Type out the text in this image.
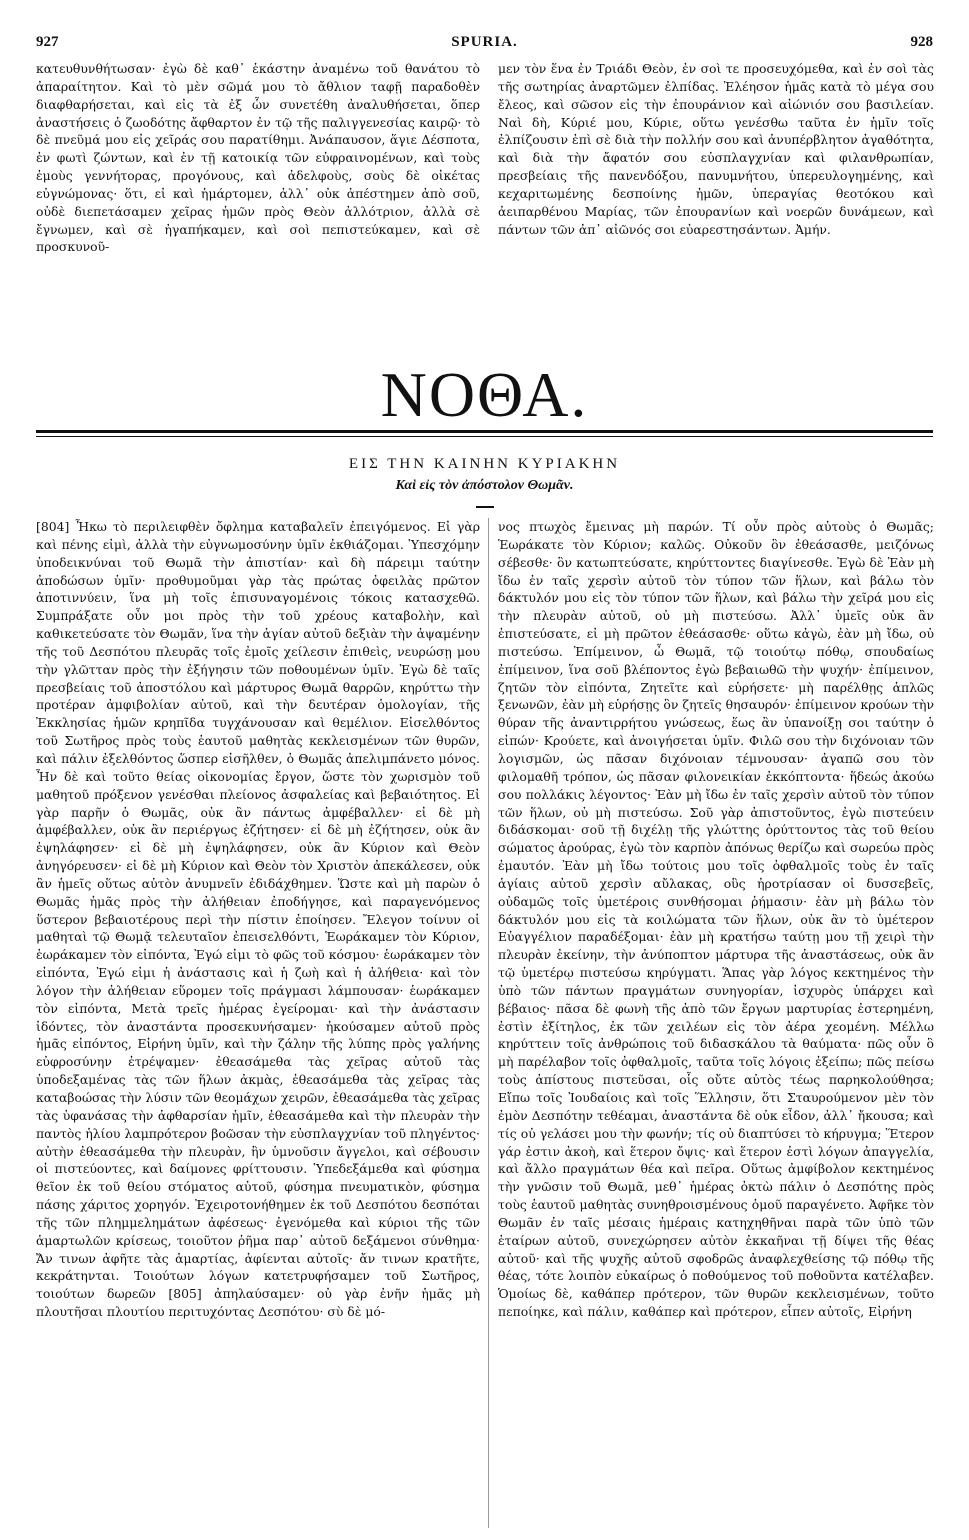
927	SPURIA.	928

κατευθυνθήτωσαν· ἐγὼ δὲ καθ᾽ ἑκάστην ἀναμένω τοῦ θανάτου τὸ ἀπαραίτητον. Καὶ τὸ μὲν σῶμά μου τὸ ἄθλιον ταφῇ παραδοθὲν διαφθαρήσεται, καὶ εἰς τὰ ἐξ ὧν συνετέθη ἀναλυθήσεται, ὅπερ ἀναστήσεις ὁ ζωοδότης ἄφθαρτον ἐν τῷ τῆς παλιγγενεσίας καιρῷ· τὸ δὲ πνεῦμά μου εἰς χεῖράς σου παρατίθημι. Ἀνάπαυσον, ἅγιε Δέσποτα, ἐν φωτὶ ζώντων, καὶ ἐν τῇ κατοικίᾳ τῶν εὐφραινομένων, καὶ τοὺς ἐμοὺς γεννήτορας, προγόνους, καὶ ἀδελφοὺς, σοὺς δὲ οἰκέτας εὐγνώμονας· ὅτι, εἰ καὶ ἡμάρτομεν, ἀλλ᾽ οὐκ ἀπέστημεν ἀπὸ σοῦ, οὐδὲ διεπετάσαμεν χεῖρας ἡμῶν πρὸς Θεὸν ἀλλότριον, ἀλλὰ σὲ ἔγνωμεν, καὶ σὲ ἠγαπήκαμεν, καὶ σοὶ πεπιστεύκαμεν, καὶ σὲ προσκυνοῦ-

μεν τὸν ἕνα ἐν Τριάδι Θεὸν, ἐν σοὶ τε προσευχόμεθα, καὶ ἐν σοὶ τὰς τῆς σωτηρίας ἀναρτῶμεν ἐλπίδας. Ἐλέησον ἡμᾶς κατὰ τὸ μέγα σου ἔλεος, καὶ σῶσον εἰς τὴν ἐπουράνιον καὶ αἰώνιόν σου βασιλείαν. Ναὶ δὴ, Κύριέ μου, Κύριε, οὕτω γενέσθω ταῦτα ἐν ἡμῖν τοῖς ἐλπίζουσιν ἐπὶ σὲ διὰ τὴν πολλήν σου καὶ ἀνυπέρβλητον ἀγαθότητα, καὶ διὰ τὴν ἄφατόν σου εὐσπλαγχνίαν καὶ φιλανθρωπίαν, πρεσβείαις τῆς πανενδόξου, πανυμνήτου, ὑπερευλογημένης, καὶ κεχαριτωμένης δεσποίνης ἡμῶν, ὑπεραγίας θεοτόκου καὶ ἀειπαρθένου Μαρίας, τῶν ἐπουρανίων καὶ νοερῶν δυνάμεων, καὶ πάντων τῶν ἀπ᾽ αἰῶνός σοι εὐαρεστησάντων. Ἀμήν.

ΝΟΘΑ.
ΕΙΣ ΤΗΝ ΚΑΙΝΗΝ ΚΥΡΙΑΚΗΝ
Καὶ εἰς τὸν ἀπόστολον Θωμᾶν.

[804] Ἦκω τὸ περιλειφθὲν ὄφλημα καταβαλεῖν ἐπειγόμενος. Εἰ γὰρ καὶ πένης εἰμὶ, ἀλλὰ τὴν εὐγνωμοσύνην ὑμῖν ἐκθιάζομαι. Ὑπεσχόμην ὑποδεικνύναι τοῦ Θωμᾶ τὴν ἀπιστίαν· καὶ δὴ πάρειμι ταύτην ἀποδώσων ὑμῖν· προθυμοῦμαι γὰρ τὰς πρώτας ὀφειλὰς πρῶτον ἀποτιννύειν, ἵνα μὴ τοῖς ἐπισυναγομένοις τόκοις κατασχεθῶ. Συμπράξατε οὖν μοι πρὸς τὴν τοῦ χρέους καταβολὴν, καὶ καθικετεύσατε τὸν Θωμᾶν, ἵνα τὴν ἁγίαν αὐτοῦ δεξιὰν τὴν ἀψαμένην τῆς τοῦ Δεσπότου πλευρᾶς τοῖς ἐμοῖς χείλεσιν ἐπιθεὶς, νευρώσῃ μου τὴν γλῶτταν πρὸς τὴν ἐξήγησιν τῶν ποθουμένων ὑμῖν. Ἐγὼ δὲ ταῖς πρεσβείαις τοῦ ἀποστόλου καὶ μάρτυρος Θωμᾶ θαρρῶν, κηρύττω τὴν προτέραν ἀμφιβολίαν αὐτοῦ, καὶ τὴν δευτέραν ὁμολογίαν, τῆς Ἐκκλησίας ἡμῶν κρηπῖδα τυγχάνουσαν καὶ θεμέλιον. Εἰσελθόντος τοῦ Σωτῆρος πρὸς τοὺς ἑαυτοῦ μαθητὰς κεκλεισμένων τῶν θυρῶν, καὶ πάλιν ἐξελθόντος ὥσπερ εἰσῆλθεν, ὁ Θωμᾶς ἀπελιμπάνετο μόνος. Ἦν δὲ καὶ τοῦτο θείας οἰκονομίας ἔργον, ὥστε τὸν χωρισμὸν τοῦ μαθητοῦ πρόξενον γενέσθαι πλείονος ἀσφαλείας καὶ βεβαιότητος. Εἰ γὰρ παρῆν ὁ Θωμᾶς, οὐκ ἂν πάντως ἀμφέβαλλεν· εἰ δὲ μὴ ἀμφέβαλλεν, οὐκ ἂν περιέργως ἐζήτησεν· εἰ δὲ μὴ ἐζήτησεν, οὐκ ἂν ἐψηλάφησεν· εἰ δὲ μὴ ἐψηλάφησεν, οὐκ ἂν Κύριον καὶ Θεὸν ἀνηγόρευσεν· εἰ δὲ μὴ Κύριον καὶ Θεὸν τὸν Χριστὸν ἀπεκάλεσεν, οὐκ ἂν ἡμεῖς οὕτως αὐτὸν ἀνυμνεῖν ἐδιδάχθημεν. Ὥστε καὶ μὴ παρὼν ὁ Θωμᾶς ἡμᾶς πρὸς τὴν ἀλήθειαν ἐποδήγησε, καὶ παραγενόμενος ὕστερον βεβαιοτέρους περὶ τὴν πίστιν ἐποίησεν. Ἔλεγον τοίνυν οἱ μαθηταὶ τῷ Θωμᾷ τελευταῖον ἐπεισελθόντι, Ἑωράκαμεν τὸν Κύριον, ἑωράκαμεν τὸν εἰπόντα, Ἐγώ εἰμι τὸ φῶς τοῦ κόσμου· ἑωράκαμεν τὸν εἰπόντα, Ἐγώ εἰμι ἡ ἀνάστασις καὶ ἡ ζωὴ καὶ ἡ ἀλήθεια· καὶ τὸν λόγον τὴν ἀλήθειαν εὕρομεν τοῖς πράγμασι λάμπουσαν· ἑωράκαμεν τὸν εἰπόντα, Μετὰ τρεῖς ἡμέρας ἐγείρομαι· καὶ τὴν ἀνάστασιν ἰδόντες, τὸν ἀναστάντα προσεκυνήσαμεν· ἠκούσαμεν αὐτοῦ πρὸς ἡμᾶς εἰπόντος, Εἰρήνη ὑμῖν, καὶ τὴν ζάλην τῆς λύπης πρὸς γαλήνης εὐφροσύνην ἐτρέψαμεν· ἐθεασάμεθα τὰς χεῖρας αὐτοῦ τὰς ὑποδεξαμένας τὰς τῶν ἥλων ἀκμὰς, ἐθεασάμεθα τὰς χεῖρας τὰς καταβοώσας τὴν λύσιν τῶν θεομάχων χειρῶν, ἐθεασάμεθα τὰς χεῖρας τὰς ὑφανάσας τὴν ἀφθαρσίαν ἡμῖν, ἐθεασάμεθα καὶ τὴν πλευρὰν τὴν παντὸς ἡλίου λαμπρότερον βοῶσαν τὴν εὐσπλαγχνίαν τοῦ πληγέντος· αὐτὴν ἐθεασάμεθα τὴν πλευρὰν, ἣν ὑμνοῦσιν ἄγγελοι, καὶ σέβουσιν οἱ πιστεύοντες, καὶ δαίμονες φρίττουσιν. Ὑπεδεξάμεθα καὶ φύσημα θεῖον ἐκ τοῦ θείου στόματος αὐτοῦ, φύσημα πνευματικὸν, φύσημα πάσης χάριτος χορηγόν. Ἐχειροτονήθημεν ἐκ τοῦ Δεσπότου δεσπόται τῆς τῶν πλημμελημάτων ἀφέσεως· ἐγενόμεθα καὶ κύριοι τῆς τῶν ἁμαρτωλῶν κρίσεως, τοιοῦτον ῥῆμα παρ᾽ αὐτοῦ δεξάμενοι σύνθημα· Ἄν τινων ἀφῆτε τὰς ἁμαρτίας, ἀφίενται αὐτοῖς· ἄν τινων κρατῆτε, κεκράτηνται. Τοιούτων λόγων κατετρυφήσαμεν τοῦ Σωτῆρος, τοιούτων δωρεῶν [805] ἀπηλαύσαμεν· οὐ γὰρ ἐνῆν ἡμᾶς μὴ πλουτῆσαι πλουτίου περιτυχόντας Δεσπότου· σὺ δὲ μό-

νος πτωχὸς ἔμεινας μὴ παρών. Τί οὖν πρὸς αὐτοὺς ὁ Θωμᾶς; Ἑωράκατε τὸν Κύριον; καλῶς. Οὐκοῦν ὃν ἐθεάσασθε, μειζόνως σέβεσθε· ὃν κατωπτεύσατε, κηρύττοντες διαγίνεσθε. Ἐγὼ δὲ Ἐὰν μὴ ἴδω ἐν ταῖς χερσὶν αὐτοῦ τὸν τύπον τῶν ἥλων, καὶ βάλω τὸν δάκτυλόν μου εἰς τὸν τύπον τῶν ἥλων, καὶ βάλω τὴν χεῖρά μου εἰς τὴν πλευρὰν αὐτοῦ, οὐ μὴ πιστεύσω. Ἀλλ᾽ ὑμεῖς οὐκ ἂν ἐπιστεύσατε, εἰ μὴ πρῶτον ἐθεάσασθε· οὕτω κἀγὼ, ἐὰν μὴ ἴδω, οὐ πιστεύσω. Ἐπίμεινον, ὦ Θωμᾶ, τῷ τοιούτῳ πόθῳ, σπουδαίως ἐπίμεινον, ἵνα σοῦ βλέποντος ἐγὼ βεβαιωθῶ τὴν ψυχήν· ἐπίμεινον, ζητῶν τὸν εἰπόντα, Ζητεῖτε καὶ εὑρήσετε· μὴ παρέλθῃς ἁπλῶς ξενωνῶν, ἐὰν μὴ εὑρήσῃς ὃν ζητεῖς θησαυρόν· ἐπίμεινον κρούων τὴν θύραν τῆς ἀναντιρρήτου γνώσεως, ἕως ἂν ὑπανοίξῃ σοι ταύτην ὁ εἰπών· Κρούετε, καὶ ἀνοιγήσεται ὑμῖν. Φιλῶ σου τὴν διχόνοιαν τῶν λογισμῶν, ὡς πᾶσαν διχόνοιαν τέμνουσαν· ἀγαπῶ σου τὸν φιλομαθῆ τρόπον, ὡς πᾶσαν φιλονεικίαν ἐκκόπτοντα· ἥδεώς ἀκούω σου πολλάκις λέγοντος· Ἐὰν μὴ ἴδω ἐν ταῖς χερσὶν αὐτοῦ τὸν τύπον τῶν ἥλων, οὐ μὴ πιστεύσω. Σοῦ γὰρ ἀπιστοῦντος, ἐγὼ πιστεύειν διδάσκομαι· σοῦ τῇ διχέλῃ τῆς γλώττης ὀρύττοντος τὰς τοῦ θείου σώματος ἀρούρας, ἐγὼ τὸν καρπὸν ἀπόνως θερίζω καὶ σωρεύω πρὸς ἐμαυτόν. Ἐὰν μὴ ἴδω τούτοις μου τοῖς ὀφθαλμοῖς τοὺς ἐν ταῖς ἁγίαις αὐτοῦ χερσὶν αὔλακας, οὓς ἠροτρίασαν οἱ δυσσεβεῖς, οὐδαμῶς τοῖς ὑμετέροις συνθήσομαι ῥήμασιν· ἐὰν μὴ βάλω τὸν δάκτυλόν μου εἰς τὰ κοιλώματα τῶν ἥλων, οὐκ ἂν τὸ ὑμέτερον Εὐαγγέλιον παραδέξομαι· ἐὰν μὴ κρατήσω ταύτῃ μου τῇ χειρὶ τὴν πλευρὰν ἐκείνην, τὴν ἀνύποπτον μάρτυρα τῆς ἀναστάσεως, οὐκ ἂν τῷ ὑμετέρῳ πιστεύσω κηρύγματι. Ἅπας γὰρ λόγος κεκτημένος τὴν ὑπὸ τῶν πάντων πραγμάτων συνηγορίαν, ἰσχυρὸς ὑπάρχει καὶ βέβαιος· πᾶσα δὲ φωνὴ τῆς ἀπὸ τῶν ἔργων μαρτυρίας ἐστερημένη, ἐστὶν ἐξίτηλος, ἐκ τῶν χειλέων εἰς τὸν ἀέρα χεομένη. Μέλλω κηρύττειν τοῖς ἀνθρώποις τοῦ διδασκάλου τὰ θαύματα· πῶς οὖν ὃ μὴ παρέλαβον τοῖς ὀφθαλμοῖς, ταῦτα τοῖς λόγοις ἐξείπω; πῶς πείσω τοὺς ἀπίστους πιστεῦσαι, οἷς οὔτε αὐτὸς τέως παρηκολούθησα; Εἴπω τοῖς Ἰουδαίοις καὶ τοῖς Ἕλλησιν, ὅτι Σταυρούμενον μὲν τὸν ἐμὸν Δεσπότην τεθέαμαι, ἀναστάντα δὲ οὐκ εἶδον, ἀλλ᾽ ἤκουσα; καὶ τίς οὐ γελάσει μου τὴν φωνήν; τίς οὐ διαπτύσει τὸ κήρυγμα; Ἕτερον γάρ ἐστιν ἀκοὴ, καὶ ἕτερον ὄψις· καὶ ἕτερον ἐστὶ λόγων ἀπαγγελία, καὶ ἄλλο πραγμάτων θέα καὶ πεῖρα. Οὕτως ἀμφίβολον κεκτημένος τὴν γνῶσιν τοῦ Θωμᾶ, μεθ᾽ ἡμέρας ὀκτὼ πάλιν ὁ Δεσπότης πρὸς τοὺς ἑαυτοῦ μαθητὰς συνηθροισμένους ὁμοῦ παραγένετο. Ἀφῆκε τὸν Θωμᾶν ἐν ταῖς μέσαις ἡμέραις κατηχηθῆναι παρὰ τῶν ὑπὸ τῶν ἑταίρων αὐτοῦ, συνεχώρησεν αὐτὸν ἐκκαῆναι τῇ δίψει τῆς θέας αὐτοῦ· καὶ τῆς ψυχῆς αὐτοῦ σφοδρῶς ἀναφλεχθείσης τῷ πόθῳ τῆς θέας, τότε λοιπὸν εὐκαίρως ὁ ποθούμενος τοῦ ποθοῦντα κατέλαβεν. Ὁμοίως δὲ, καθάπερ πρότερον, τῶν θυρῶν κεκλεισμένων, τοῦτο πεποίηκε, καὶ πάλιν, καθάπερ καὶ πρότερον, εἶπεν αὐτοῖς, Εἰρήνη
